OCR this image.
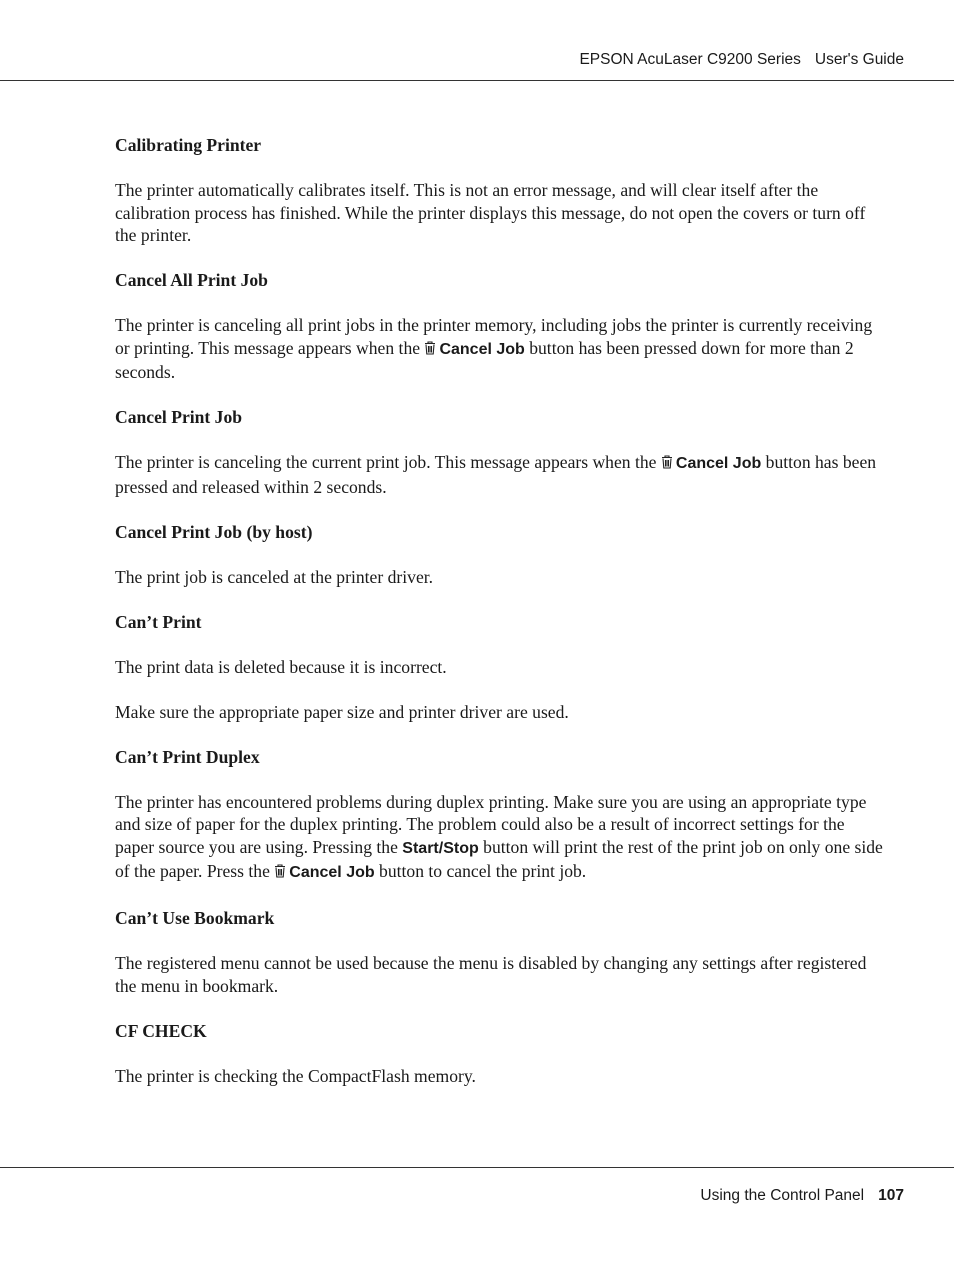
EPSON AcuLaser C9200 Series User's Guide
Calibrating Printer

The printer automatically calibrates itself. This is not an error message, and will clear itself after the calibration process has finished. While the printer displays this message, do not open the covers or turn off the printer.

Cancel All Print Job

The printer is canceling all print jobs in the printer memory, including jobs the printer is currently receiving or printing. This message appears when the Cancel Job button has been pressed down for more than 2 seconds.

Cancel Print Job

The printer is canceling the current print job. This message appears when the Cancel Job button has been pressed and released within 2 seconds.

Cancel Print Job (by host)

The print job is canceled at the printer driver.

Can’t Print

The print data is deleted because it is incorrect.

Make sure the appropriate paper size and printer driver are used.

Can’t Print Duplex

The printer has encountered problems during duplex printing. Make sure you are using an appropriate type and size of paper for the duplex printing. The problem could also be a result of incorrect settings for the paper source you are using. Pressing the Start/Stop button will print the rest of the print job on only one side of the paper. Press the Cancel Job button to cancel the print job.

Can’t Use Bookmark

The registered menu cannot be used because the menu is disabled by changing any settings after registered the menu in bookmark.

CF CHECK

The printer is checking the CompactFlash memory.

Using the Control Panel 107
